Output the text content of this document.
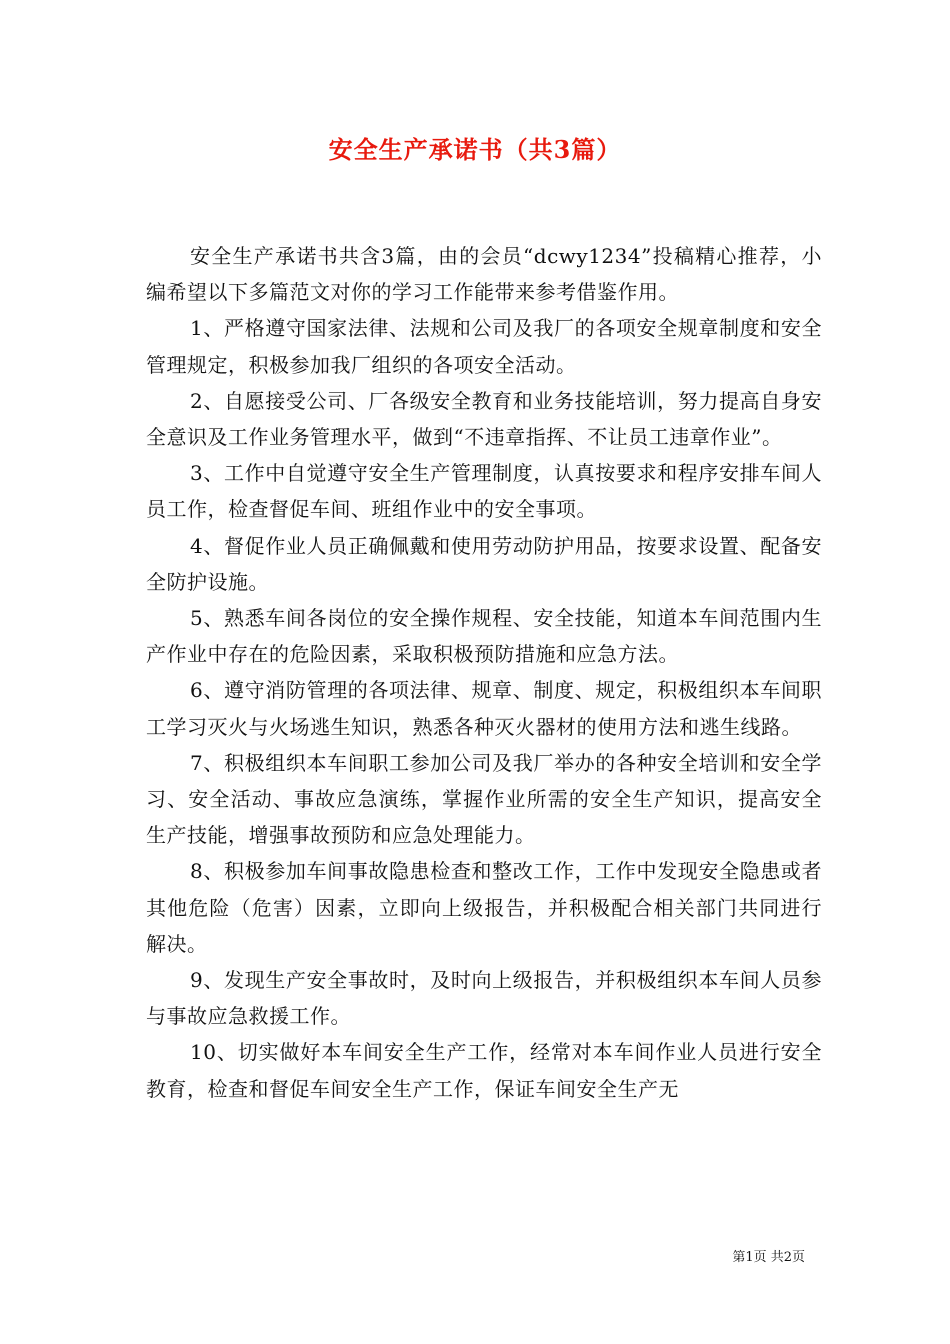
安全生产承诺书（共3篇）

安全生产承诺书共含3篇，由的会员“dcwy1234”投稿精心推荐，小编希望以下多篇范文对你的学习工作能带来参考借鉴作用。

1、严格遵守国家法律、法规和公司及我厂的各项安全规章制度和安全管理规定，积极参加我厂组织的各项安全活动。

2、自愿接受公司、厂各级安全教育和业务技能培训，努力提高自身安全意识及工作业务管理水平，做到“不违章指挥、不让员工违章作业”。

3、工作中自觉遵守安全生产管理制度，认真按要求和程序安排车间人员工作，检查督促车间、班组作业中的安全事项。

4、督促作业人员正确佩戴和使用劳动防护用品，按要求设置、配备安全防护设施。

5、熟悉车间各岗位的安全操作规程、安全技能，知道本车间范围内生产作业中存在的危险因素，采取积极预防措施和应急方法。

6、遵守消防管理的各项法律、规章、制度、规定，积极组织本车间职工学习灭火与火场逃生知识，熟悉各种灭火器材的使用方法和逃生线路。

7、积极组织本车间职工参加公司及我厂举办的各种安全培训和安全学习、安全活动、事故应急演练，掌握作业所需的安全生产知识，提高安全生产技能，增强事故预防和应急处理能力。

8、积极参加车间事故隐患检查和整改工作，工作中发现安全隐患或者其他危险（危害）因素，立即向上级报告，并积极配合相关部门共同进行解决。

9、发现生产安全事故时，及时向上级报告，并积极组织本车间人员参与事故应急救援工作。

10、切实做好本车间安全生产工作，经常对本车间作业人员进行安全教育，检查和督促车间安全生产工作，保证车间安全生产无

第1页 共2页
